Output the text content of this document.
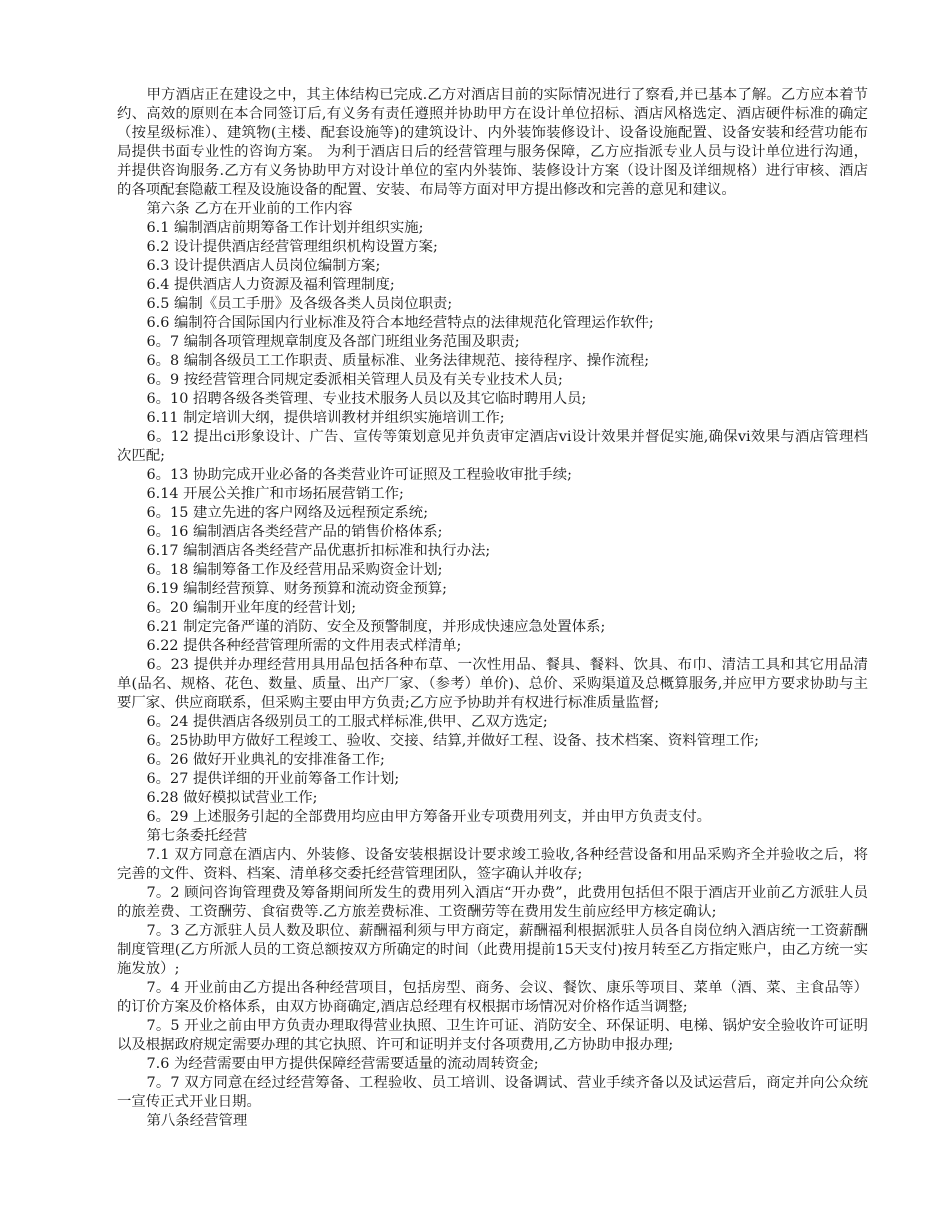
甲方酒店正在建设之中，其主体结构已完成.乙方对酒店目前的实际情况进行了察看,并已基本了解。乙方应本着节约、高效的原则在本合同签订后,有义务有责任遵照并协助甲方在设计单位招标、酒店风格选定、酒店硬件标准的确定（按星级标准）、建筑物(主楼、配套设施等)的建筑设计、内外装饰装修设计、设备设施配置、设备安装和经营功能布局提供书面专业性的咨询方案。 为利于酒店日后的经营管理与服务保障，乙方应指派专业人员与设计单位进行沟通，并提供咨询服务.乙方有义务协助甲方对设计单位的室内外装饰、装修设计方案（设计图及详细规格）进行审核、酒店的各项配套隐蔽工程及设施设备的配置、安装、布局等方面对甲方提出修改和完善的意见和建议。
第六条 乙方在开业前的工作内容
6.1 编制酒店前期筹备工作计划并组织实施;
6.2 设计提供酒店经营管理组织机构设置方案;
6.3 设计提供酒店人员岗位编制方案;
6.4 提供酒店人力资源及福利管理制度;
6.5 编制《员工手册》及各级各类人员岗位职责;
6.6 编制符合国际国内行业标准及符合本地经营特点的法律规范化管理运作软件;
6。7 编制各项管理规章制度及各部门班组业务范围及职责;
6。8 编制各级员工工作职责、质量标准、业务法律规范、接待程序、操作流程;
6。9 按经营管理合同规定委派相关管理人员及有关专业技术人员;
6。10 招聘各级各类管理、专业技术服务人员以及其它临时聘用人员;
6.11 制定培训大纲，提供培训教材并组织实施培训工作;
6。12 提出ci形象设计、广告、宣传等策划意见并负责审定酒店vi设计效果并督促实施,确保vi效果与酒店管理档次匹配;
6。13 协助完成开业必备的各类营业许可证照及工程验收审批手续;
6.14 开展公关推广和市场拓展营销工作;
6。15 建立先进的客户网络及远程预定系统;
6。16 编制酒店各类经营产品的销售价格体系;
6.17 编制酒店各类经营产品优惠折扣标准和执行办法;
6。18 编制筹备工作及经营用品采购资金计划;
6.19 编制经营预算、财务预算和流动资金预算;
6。20 编制开业年度的经营计划;
6.21 制定完备严谨的消防、安全及预警制度，并形成快速应急处置体系;
6.22 提供各种经营管理所需的文件用表式样清单;
6。23 提供并办理经营用具用品包括各种布草、一次性用品、餐具、餐料、饮具、布巾、清洁工具和其它用品清单(品名、规格、花色、数量、质量、出产厂家、（参考）单价)、总价、采购渠道及总概算服务,并应甲方要求协助与主要厂家、供应商联系，但采购主要由甲方负责;乙方应予协助并有权进行标准质量监督;
6。24 提供酒店各级别员工的工服式样标准,供甲、乙双方选定;
6。25协助甲方做好工程竣工、验收、交接、结算,并做好工程、设备、技术档案、资料管理工作;
6。26 做好开业典礼的安排准备工作;
6。27 提供详细的开业前筹备工作计划;
6.28 做好模拟试营业工作;
6。29 上述服务引起的全部费用均应由甲方筹备开业专项费用列支，并由甲方负责支付。
第七条委托经营
7.1 双方同意在酒店内、外装修、设备安装根据设计要求竣工验收,各种经营设备和用品采购齐全并验收之后，将完善的文件、资料、档案、清单移交委托经营管理团队，签字确认并收存;
7。2 顾问咨询管理费及筹备期间所发生的费用列入酒店“开办费”，此费用包括但不限于酒店开业前乙方派驻人员的旅差费、工资酬劳、食宿费等.乙方旅差费标准、工资酬劳等在费用发生前应经甲方核定确认;
7。3 乙方派驻人员人数及职位、薪酬福利须与甲方商定，薪酬福利根据派驻人员各自岗位纳入酒店统一工资薪酬制度管理(乙方所派人员的工资总额按双方所确定的时间（此费用提前15天支付)按月转至乙方指定账户，由乙方统一实施发放）;
7。4 开业前由乙方提出各种经营项目，包括房型、商务、会议、餐饮、康乐等项目、菜单（酒、菜、主食品等）的订价方案及价格体系，由双方协商确定,酒店总经理有权根据市场情况对价格作适当调整;
7。5 开业之前由甲方负责办理取得营业执照、卫生许可证、消防安全、环保证明、电梯、锅炉安全验收许可证明以及根据政府规定需要办理的其它执照、许可和证明并支付各项费用,乙方协助申报办理;
7.6 为经营需要由甲方提供保障经营需要适量的流动周转资金;
7。7 双方同意在经过经营筹备、工程验收、员工培训、设备调试、营业手续齐备以及试运营后，商定并向公众统一宣传正式开业日期。
第八条经营管理
